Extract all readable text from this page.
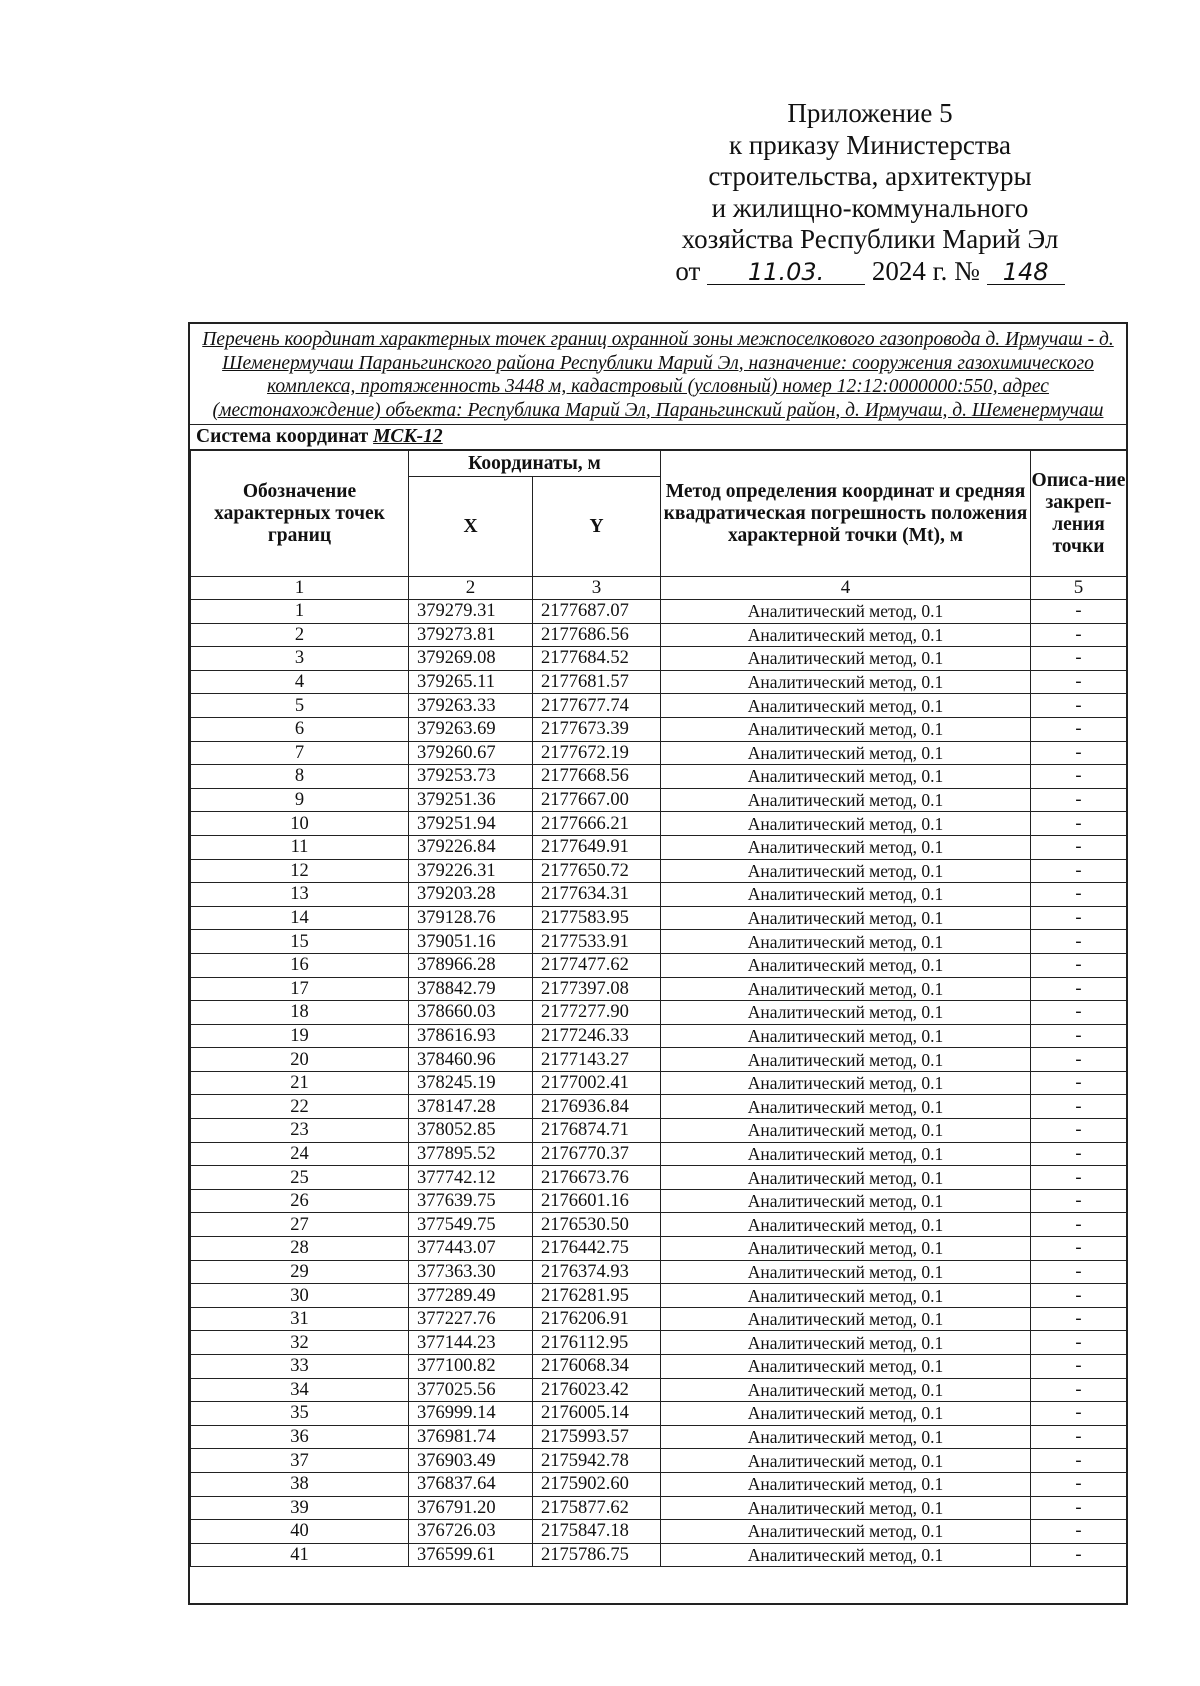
Приложение 5
к приказу Министерства
строительства, архитектуры
и жилищно-коммунального
хозяйства Республики Марий Эл
от 11.03. 2024 г. № 148
Перечень координат характерных точек границ охранной зоны межпоселкового газопровода д. Ирмучаш - д. Шеменермучаш Параньгинского района Республики Марий Эл, назначение: сооружения газохимического комплекса, протяженность 3448 м, кадастровый (условный) номер 12:12:0000000:550, адрес (местонахождение) объекта: Республика Марий Эл, Параньгинский район, д. Ирмучаш, д. Шеменермучаш
Система координат МСК-12
Обозначение характерных точек границ	Координаты, м		Метод определения координат и средняя квадратическая погрешность положения характерной точки (Mt), м	Описа-ние закреп-ления точки
	X	Y		
1	2	3	4	5
1	379279.31	2177687.07	Аналитический метод, 0.1	-
2	379273.81	2177686.56	Аналитический метод, 0.1	-
3	379269.08	2177684.52	Аналитический метод, 0.1	-
4	379265.11	2177681.57	Аналитический метод, 0.1	-
5	379263.33	2177677.74	Аналитический метод, 0.1	-
6	379263.69	2177673.39	Аналитический метод, 0.1	-
7	379260.67	2177672.19	Аналитический метод, 0.1	-
8	379253.73	2177668.56	Аналитический метод, 0.1	-
9	379251.36	2177667.00	Аналитический метод, 0.1	-
10	379251.94	2177666.21	Аналитический метод, 0.1	-
11	379226.84	2177649.91	Аналитический метод, 0.1	-
12	379226.31	2177650.72	Аналитический метод, 0.1	-
13	379203.28	2177634.31	Аналитический метод, 0.1	-
14	379128.76	2177583.95	Аналитический метод, 0.1	-
15	379051.16	2177533.91	Аналитический метод, 0.1	-
16	378966.28	2177477.62	Аналитический метод, 0.1	-
17	378842.79	2177397.08	Аналитический метод, 0.1	-
18	378660.03	2177277.90	Аналитический метод, 0.1	-
19	378616.93	2177246.33	Аналитический метод, 0.1	-
20	378460.96	2177143.27	Аналитический метод, 0.1	-
21	378245.19	2177002.41	Аналитический метод, 0.1	-
22	378147.28	2176936.84	Аналитический метод, 0.1	-
23	378052.85	2176874.71	Аналитический метод, 0.1	-
24	377895.52	2176770.37	Аналитический метод, 0.1	-
25	377742.12	2176673.76	Аналитический метод, 0.1	-
26	377639.75	2176601.16	Аналитический метод, 0.1	-
27	377549.75	2176530.50	Аналитический метод, 0.1	-
28	377443.07	2176442.75	Аналитический метод, 0.1	-
29	377363.30	2176374.93	Аналитический метод, 0.1	-
30	377289.49	2176281.95	Аналитический метод, 0.1	-
31	377227.76	2176206.91	Аналитический метод, 0.1	-
32	377144.23	2176112.95	Аналитический метод, 0.1	-
33	377100.82	2176068.34	Аналитический метод, 0.1	-
34	377025.56	2176023.42	Аналитический метод, 0.1	-
35	376999.14	2176005.14	Аналитический метод, 0.1	-
36	376981.74	2175993.57	Аналитический метод, 0.1	-
37	376903.49	2175942.78	Аналитический метод, 0.1	-
38	376837.64	2175902.60	Аналитический метод, 0.1	-
39	376791.20	2175877.62	Аналитический метод, 0.1	-
40	376726.03	2175847.18	Аналитический метод, 0.1	-
41	376599.61	2175786.75	Аналитический метод, 0.1	-
